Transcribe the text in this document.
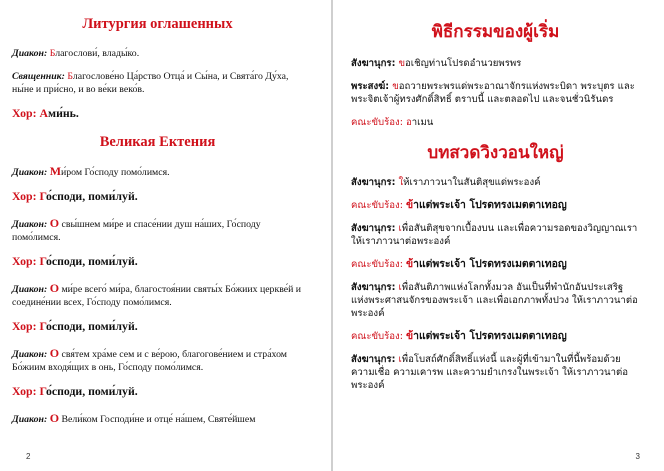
Литургия оглашенных

Диакон: Благослови́, влады́ко.

Священник: Благослове́но Ца́рство Отца́ и Сы́на, и Свята́го Ду́ха, ны́не и при́сно, и во ве́ки веко́в.

Хор: Ами́нь.

Великая Ектения

Диакон: Ми́ром Го́споду помо́лимся.

Хор: Го́споди, поми́луй.

Диакон: О свы́шнем ми́ре и спасе́нии душ на́ших, Го́споду помо́лимся.

Хор: Го́споди, поми́луй.

Диакон: О ми́ре всего́ ми́ра, благостоя́нии святы́х Бо́жиих церкве́й и соедине́нии всех, Го́споду помо́лимся.

Хор: Го́споди, поми́луй.

Диакон: О свя́тем хра́ме сем и с ве́рою, благогове́нием и стра́хом Бо́жиим входя́щих в онь, Го́споду помо́лимся.

Хор: Го́споди, поми́луй.

Диакон: О Вели́ком Господи́не и отце́ на́шем, Святе́йшем

2
พิธีกรรมของผู้เริ่ม

สังฆานุกร: ขอเชิญท่านโปรดอำนวยพรพร

พระสงฆ์: ขอถวายพระพรแด่พระอาณาจักรแห่งพระบิดา พระบุตร และพระจิตเจ้าผู้ทรงศักดิ์สิทธิ์ ตราบนี้ และตลอดไป และจนชั่วนิรันดร

คณะขับร้อง: อาเมน

บทสวดวิงวอนใหญ่

สังฆานุกร: ให้เราภาวนาในสันติสุขแด่พระองค์

คณะขับร้อง: ข้าแต่พระเจ้า โปรดทรงเมตตาเทอญ

สังฆานุกร: เพื่อสันติสุขจากเบื้องบน และเพื่อความรอดของวิญญาณเรา ให้เราภาวนาต่อพระองค์

คณะขับร้อง: ข้าแต่พระเจ้า โปรดทรงเมตตาเทอญ

สังฆานุกร: เพื่อสันติภาพแห่งโลกทั้งมวล อันเป็นที่พำนักอันประเสริฐแห่งพระศาสนจักรของพระเจ้า และเพื่อเอกภาพทั้งปวง ให้เราภาวนาต่อพระองค์

คณะขับร้อง: ข้าแต่พระเจ้า โปรดทรงเมตตาเทอญ

สังฆานุกร: เพื่อโบสถ์ศักดิ์สิทธิ์แห่งนี้ และผู้ที่เข้ามาในที่นี้พร้อมด้วยความเชื่อ ความเคารพ และความยำเกรงในพระเจ้า ให้เราภาวนาต่อพระองค์

3
